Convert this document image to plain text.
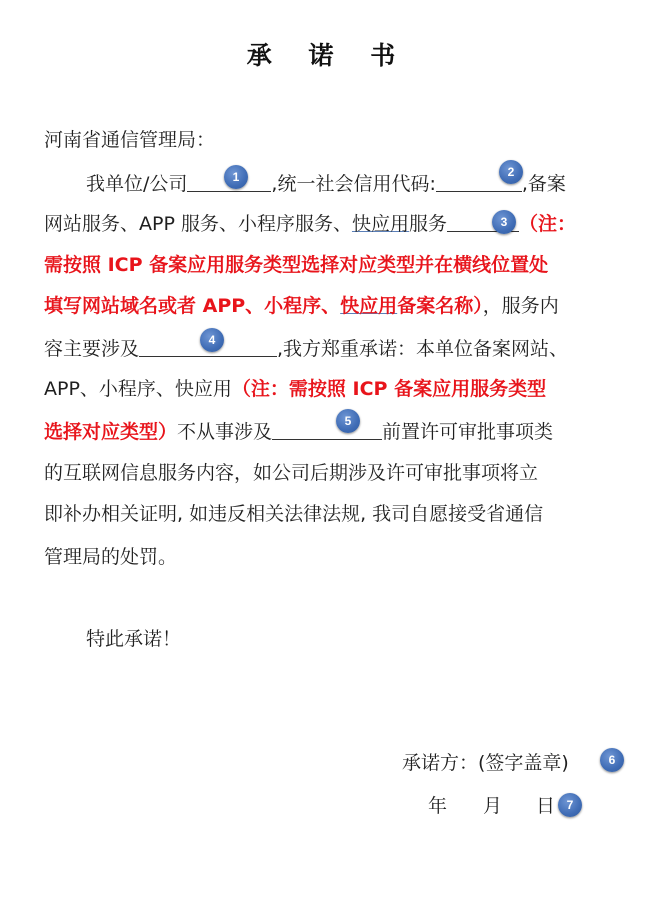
承 诺 书
河南省通信管理局：
我单位/公司	,统一社会信用代码:	,备案
网站服务、APP 服务、小程序服务、快应用服务	（注：
需按照 ICP 备案应用服务类型选择对应类型并在横线位置处
填写网站域名或者 APP、小程序、快应用备案名称），服务内
容主要涉及	,我方郑重承诺：本单位备案网站、
APP、小程序、快应用（注：需按照 ICP 备案应用服务类型
选择对应类型）不从事涉及	前置许可审批事项类
的互联网信息服务内容，如公司后期涉及许可审批事项将立
即补办相关证明, 如违反相关法律法规, 我司自愿接受省通信
管理局的处罚。
特此承诺！
承诺方：(签字盖章)
年 月 日
1	2
3
4
5
6
7
